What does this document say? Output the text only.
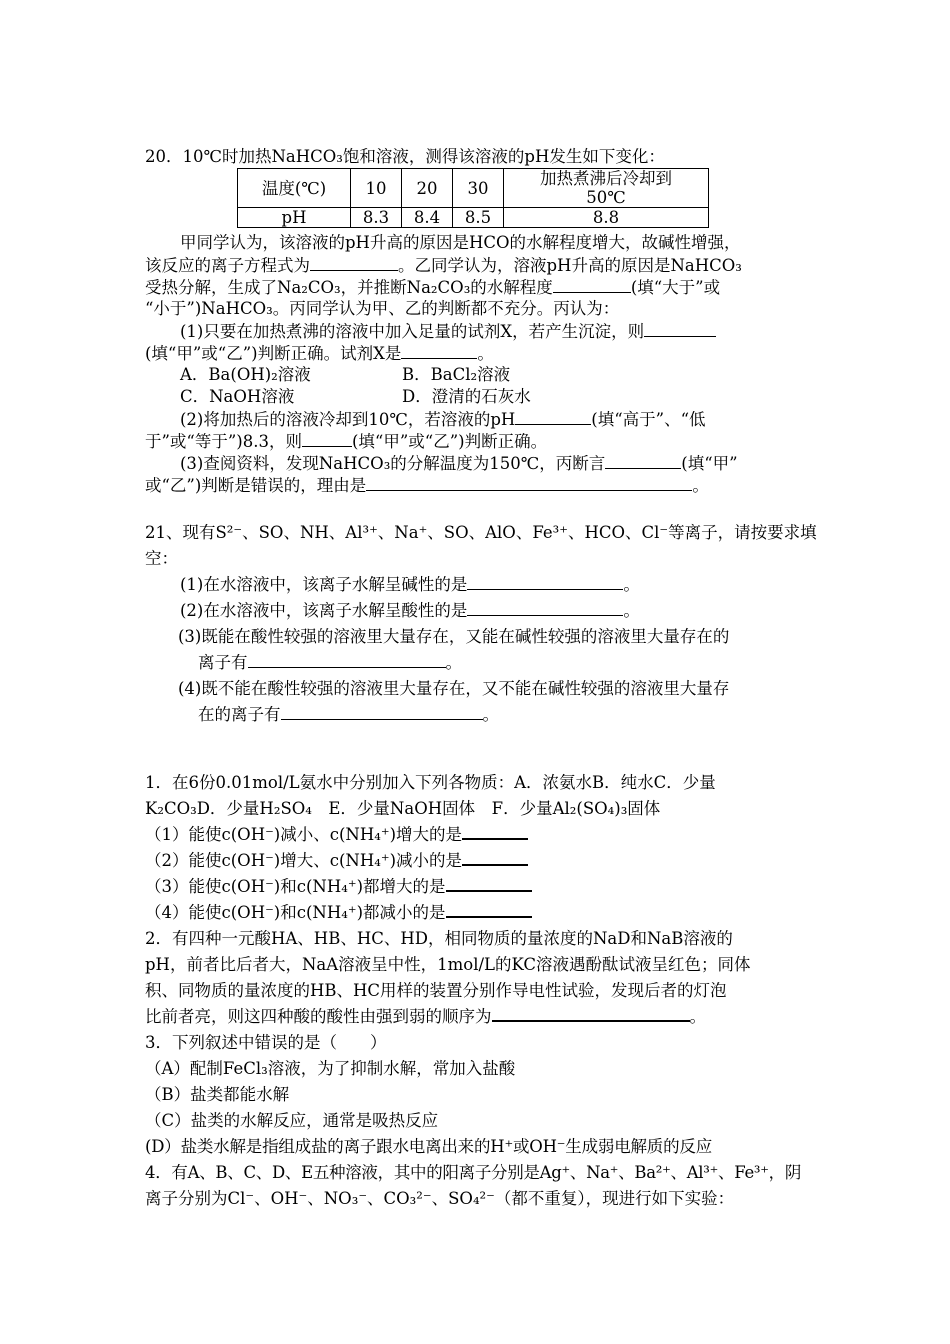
20．10℃时加热NaHCO₃饱和溶液，测得该溶液的pH发生如下变化：
温度(℃)	10	20	30	加热煮沸后冷却到
50℃
pH	8.3	8.4	8.5	8.8
甲同学认为，该溶液的pH升高的原因是HCO的水解程度增大，故碱性增强，
该反应的离子方程式为	。乙同学认为，溶液pH升高的原因是NaHCO₃
受热分解，生成了Na₂CO₃，并推断Na₂CO₃的水解程度	(填“大于”或
“小于”)NaHCO₃。丙同学认为甲、乙的判断都不充分。丙认为：
(1)只要在加热煮沸的溶液中加入足量的试剂X，若产生沉淀，则
(填“甲”或“乙”)判断正确。试剂X是	。
A．Ba(OH)₂溶液	B．BaCl₂溶液
C．NaOH溶液	D．澄清的石灰水
(2)将加热后的溶液冷却到10℃，若溶液的pH	(填“高于”、“低
于”或“等于”)8.3，则	(填“甲”或“乙”)判断正确。
(3)查阅资料，发现NaHCO₃的分解温度为150℃，丙断言	(填“甲”
或“乙”)判断是错误的，理由是	。
21、现有S²⁻、SO、NH、Al³⁺、Na⁺、SO、AlO、Fe³⁺、HCO、Cl⁻等离子，请按要求填
空：
(1)在水溶液中，该离子水解呈碱性的是	。
(2)在水溶液中，该离子水解呈酸性的是	。
(3)既能在酸性较强的溶液里大量存在，又能在碱性较强的溶液里大量存在的
离子有	。
(4)既不能在酸性较强的溶液里大量存在，又不能在碱性较强的溶液里大量存
在的离子有	。
1．在6份0.01mol/L氨水中分别加入下列各物质：A．浓氨水B．纯水C．少量
K₂CO₃D．少量H₂SO₄　E．少量NaOH固体　F．少量Al₂(SO₄)₃固体
（1）能使c(OH⁻)减小、c(NH₄⁺)增大的是
（2）能使c(OH⁻)增大、c(NH₄⁺)减小的是
（3）能使c(OH⁻)和c(NH₄⁺)都增大的是
（4）能使c(OH⁻)和c(NH₄⁺)都减小的是
2．有四种一元酸HA、HB、HC、HD，相同物质的量浓度的NaD和NaB溶液的
pH，前者比后者大，NaA溶液呈中性，1mol/L的KC溶液遇酚酞试液呈红色；同体
积、同物质的量浓度的HB、HC用样的装置分别作导电性试验，发现后者的灯泡
比前者亮，则这四种酸的酸性由强到弱的顺序为	。
3．下列叙述中错误的是（　　）
（A）配制FeCl₃溶液，为了抑制水解，常加入盐酸
（B）盐类都能水解
（C）盐类的水解反应，通常是吸热反应
(D）盐类水解是指组成盐的离子跟水电离出来的H⁺或OH⁻生成弱电解质的反应
4．有A、B、C、D、E五种溶液，其中的阳离子分别是Ag⁺、Na⁺、Ba²⁺、Al³⁺、Fe³⁺，阴
离子分别为Cl⁻、OH⁻、NO₃⁻、CO₃²⁻、SO₄²⁻（都不重复），现进行如下实验：
